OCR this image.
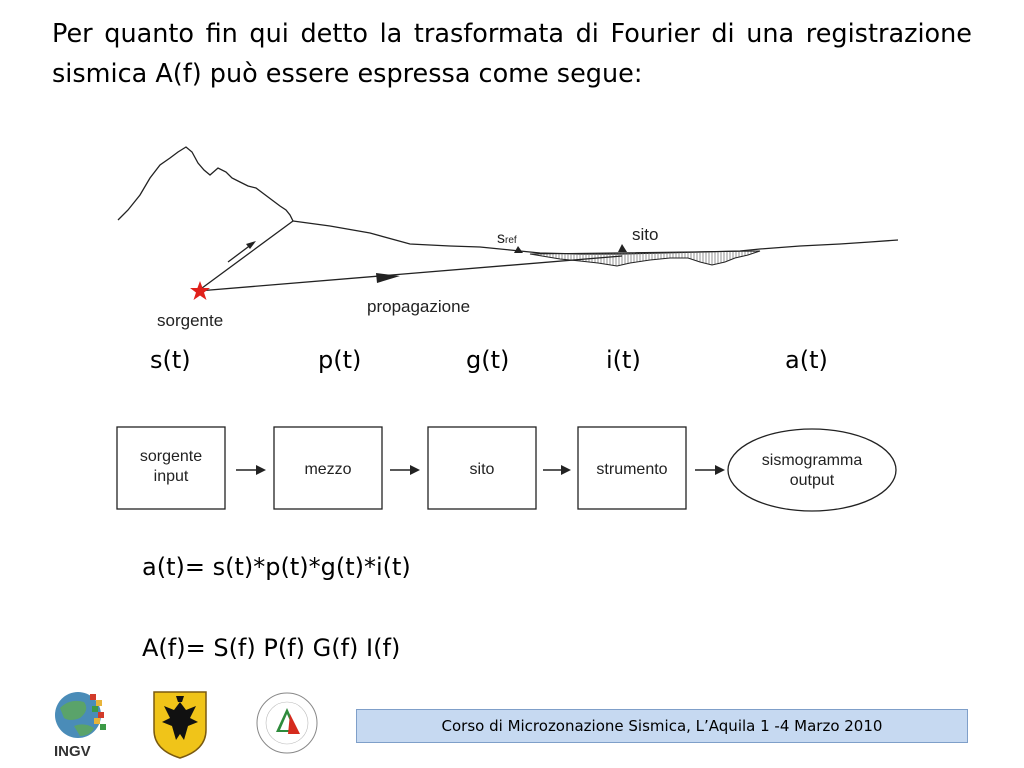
Per quanto fin qui detto la trasformata di Fourier di una registrazione sismica A(f) può essere espressa come segue:

sorgente
propagazione
sref	sito
sorgente
input	mezzo	sito	strumento
sismogramma
output
s(t)	p(t)	g(t)	i(t)	a(t)
a(t)= s(t)*p(t)*g(t)*i(t)
A(f)= S(f) P(f) G(f) I(f)
INGV
Corso di Microzonazione Sismica, L’Aquila 1 -4 Marzo 2010
